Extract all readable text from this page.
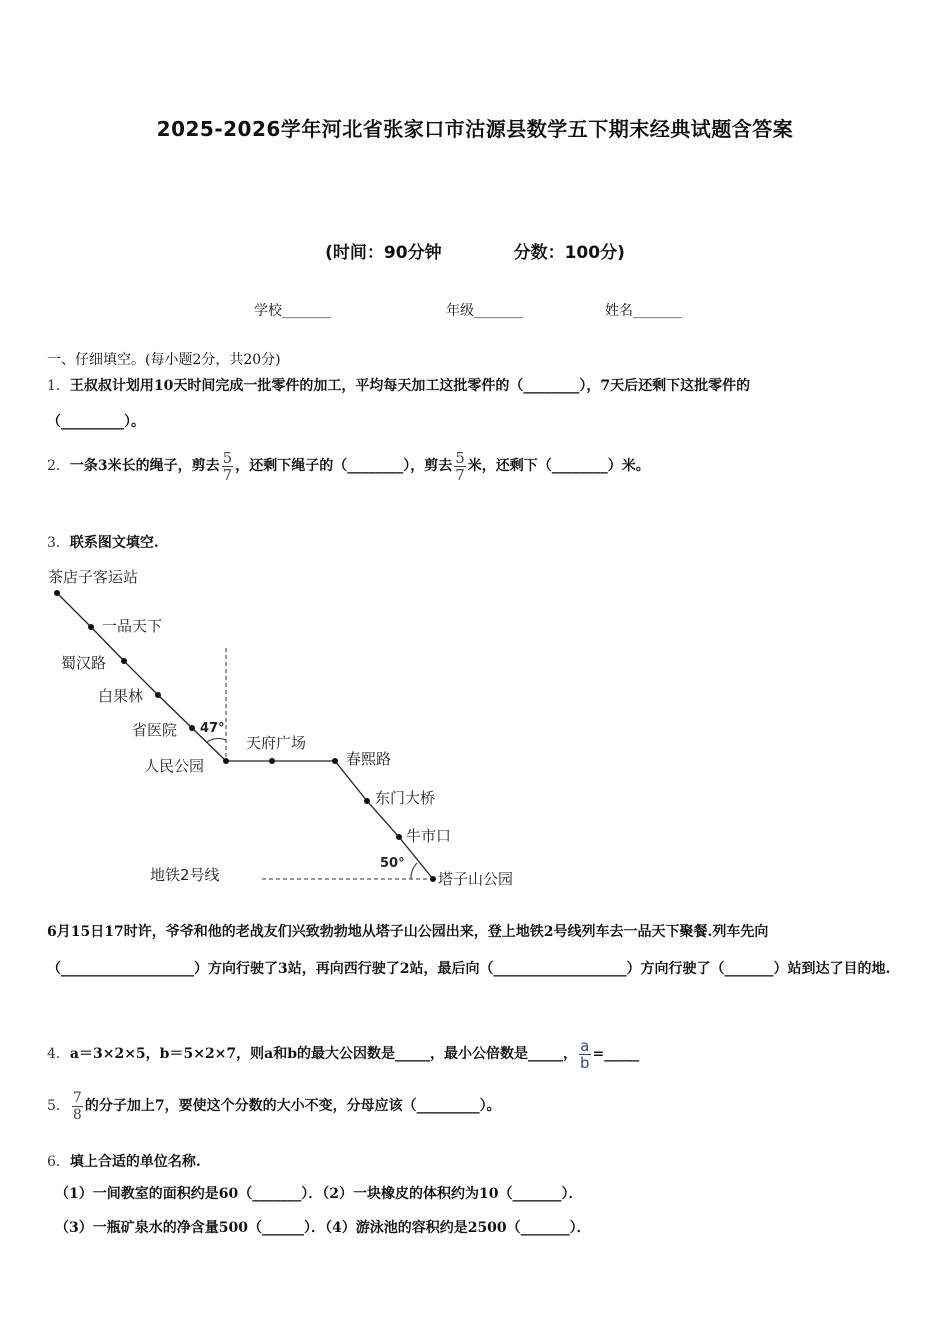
2025-2026学年河北省张家口市沽源县数学五下期末经典试题含答案
(时间：90分钟	分数：100分)
学校_______	年级_______	姓名_______
一、仔细填空。(每小题2分，共20分)
1．王叔叔计划用10天时间完成一批零件的加工，平均每天加工这批零件的（________），7天后还剩下这批零件的
（_________）。
2．一条3米长的绳子，剪去 $\frac{5}{7}$ ，还剩下绳子的（________），剪去 $\frac{5}{7}$ 米，还剩下（________）米。
3．联系图文填空.
茶店子客运站
一品天下
蜀汉路
白果林
省医院
人民公园
天府广场
春熙路
东门大桥
牛市口
塔子山公园
地铁2号线
47°
50°
6月15日17时许，爷爷和他的老战友们兴致勃勃地从塔子山公园出来，登上地铁2号线列车去一品天下聚餐.列车先向（___________________）方向行驶了3站，再向西行驶了2站，最后向（___________________）方向行驶了（_______）站到达了目的地.
4．a＝3×2×5，b＝5×2×7，则a和b的最大公因数是_____，最小公倍数是_____， $\frac{a}{b}$ =_____
5． $\frac{7}{8}$ 的分子加上7，要使这个分数的大小不变，分母应该（_________）。
6．填上合适的单位名称.
（1）一间教室的面积约是60（_______）．（2）一块橡皮的体积约为10（_______）．
（3）一瓶矿泉水的净含量500（______）．（4）游泳池的容积约是2500（_______）．
